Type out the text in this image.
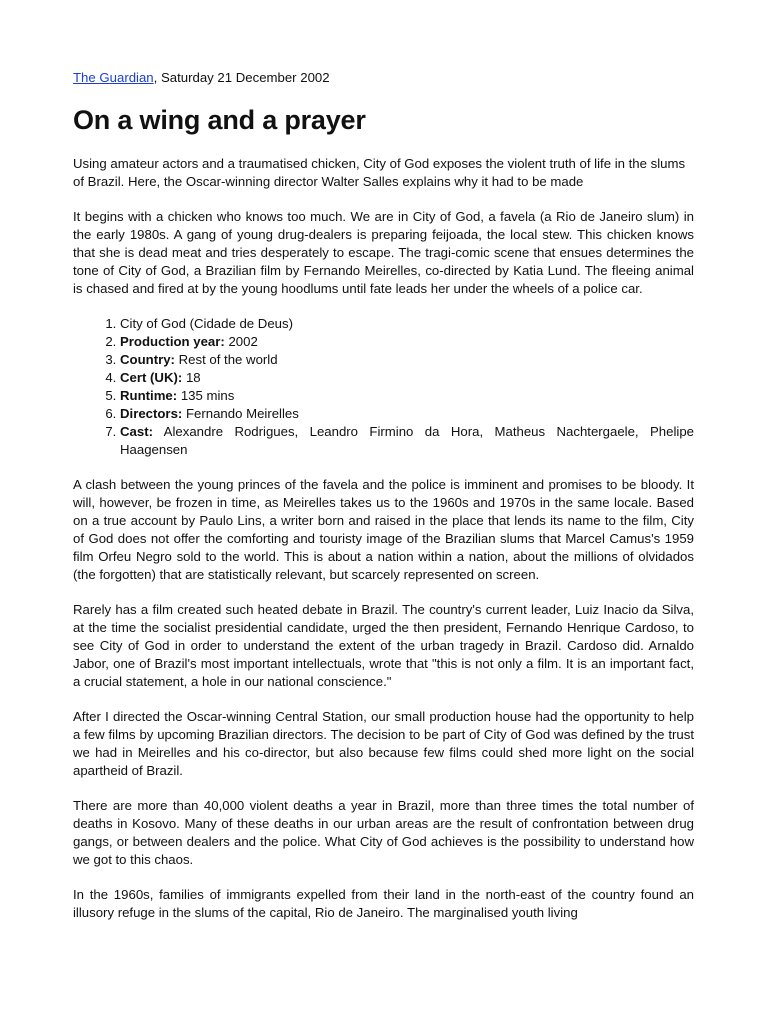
The Guardian, Saturday 21 December 2002

On a wing and a prayer

Using amateur actors and a traumatised chicken, City of God exposes the violent truth of life in the slums of Brazil. Here, the Oscar-winning director Walter Salles explains why it had to be made

It begins with a chicken who knows too much. We are in City of God, a favela (a Rio de Janeiro slum) in the early 1980s. A gang of young drug-dealers is preparing feijoada, the local stew. This chicken knows that she is dead meat and tries desperately to escape. The tragi-comic scene that ensues determines the tone of City of God, a Brazilian film by Fernando Meirelles, co-directed by Katia Lund. The fleeing animal is chased and fired at by the young hoodlums until fate leads her under the wheels of a police car.

1. City of God (Cidade de Deus)
2. Production year: 2002
3. Country: Rest of the world
4. Cert (UK): 18
5. Runtime: 135 mins
6. Directors: Fernando Meirelles
7. Cast: Alexandre Rodrigues, Leandro Firmino da Hora, Matheus Nachtergaele, Phelipe Haagensen

A clash between the young princes of the favela and the police is imminent and promises to be bloody. It will, however, be frozen in time, as Meirelles takes us to the 1960s and 1970s in the same locale. Based on a true account by Paulo Lins, a writer born and raised in the place that lends its name to the film, City of God does not offer the comforting and touristy image of the Brazilian slums that Marcel Camus's 1959 film Orfeu Negro sold to the world. This is about a nation within a nation, about the millions of olvidados (the forgotten) that are statistically relevant, but scarcely represented on screen.

Rarely has a film created such heated debate in Brazil. The country's current leader, Luiz Inacio da Silva, at the time the socialist presidential candidate, urged the then president, Fernando Henrique Cardoso, to see City of God in order to understand the extent of the urban tragedy in Brazil. Cardoso did. Arnaldo Jabor, one of Brazil's most important intellectuals, wrote that "this is not only a film. It is an important fact, a crucial statement, a hole in our national conscience."

After I directed the Oscar-winning Central Station, our small production house had the opportunity to help a few films by upcoming Brazilian directors. The decision to be part of City of God was defined by the trust we had in Meirelles and his co-director, but also because few films could shed more light on the social apartheid of Brazil.

There are more than 40,000 violent deaths a year in Brazil, more than three times the total number of deaths in Kosovo. Many of these deaths in our urban areas are the result of confrontation between drug gangs, or between dealers and the police. What City of God achieves is the possibility to understand how we got to this chaos.

In the 1960s, families of immigrants expelled from their land in the north-east of the country found an illusory refuge in the slums of the capital, Rio de Janeiro. The marginalised youth living
